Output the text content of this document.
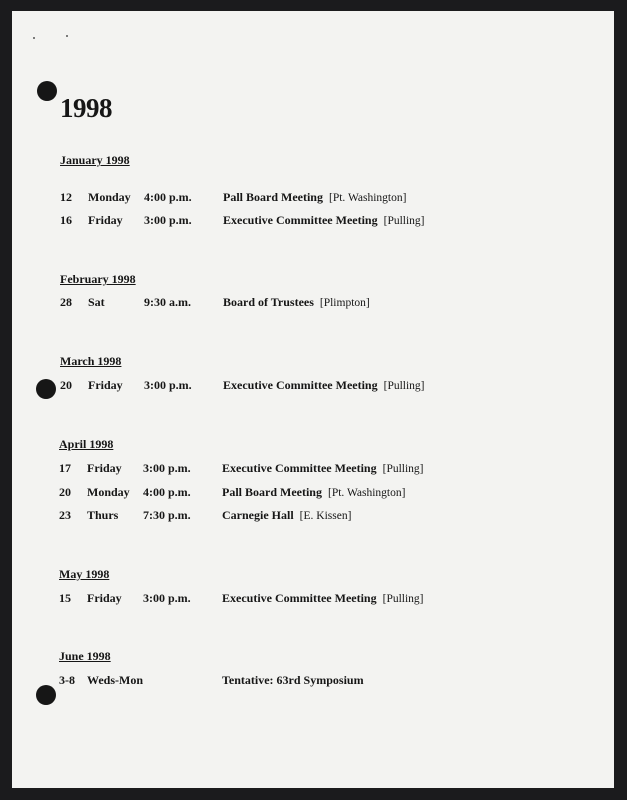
1998
January 1998
12 Monday 4:00 p.m.	Pall Board Meeting [Pt. Washington]
16 Friday 3:00 p.m.	Executive Committee Meeting [Pulling]
February 1998
28 Sat	9:30 a.m.	Board of Trustees [Plimpton]
March 1998
20 Friday 3:00 p.m.	Executive Committee Meeting [Pulling]
April 1998
17 Friday 3:00 p.m.	Executive Committee Meeting [Pulling]
20 Monday 4:00 p.m.	Pall Board Meeting [Pt. Washington]
23 Thurs 7:30 p.m.	Carnegie Hall [E. Kissen]
May 1998
15 Friday 3:00 p.m.	Executive Committee Meeting [Pulling]
June 1998
3-8 Weds-Mon	Tentative: 63rd Symposium
